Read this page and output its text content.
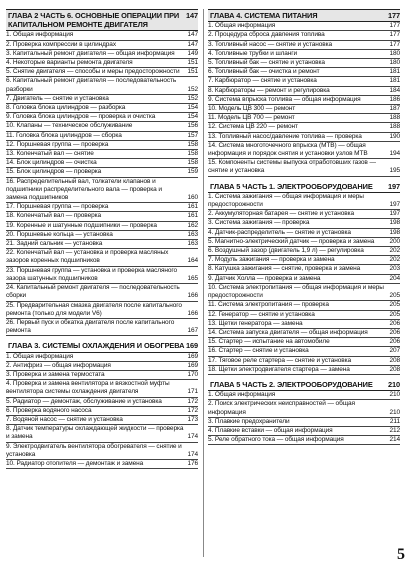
147
ГЛАВА 2 ЧАСТЬ 6. ОСНОВНЫЕ ОПЕРАЦИИ ПРИ КАПИТАЛЬНОМ РЕМОНТЕ ДВИГАТЕЛЯ
1. Общая информация	147
2. Проверка компрессии в цилиндрах	147
3. Капитальный ремонт двигателя — общая информация 149
4. Некоторые варианты ремонта двигателя	151
5. Снятие двигателя — способы и меры предосторожности 151
6. Капитальный ремонт двигателя — последовательность разборки	152
7. Двигатель — снятие и установка	152
8. Головка блока цилиндров — разборка	154
9. Головка блока цилиндров — проверка и очистка	154
10. Клапаны — техническое обслуживание	156
11. Головка блока цилиндров — сборка	157
12. Поршневая группа — проверка	158
13. Коленчатый вал — снятие	158
14. Блок цилиндров — очистка	158
15. Блок цилиндров — проверка	159
16. Распределительный вал, толкатели клапанов и подшипники распределительного вала — проверка и замена подшипников	160
17. Поршневая группа — проверка	161
18. Коленчатый вал — проверка	161
19. Коренные и шатунные подшипники — проверка	162
20. Поршневые кольца — установка	163
21. Задний сальник — установка	163
22. Коленчатый вал — установка и проверка масляных зазоров коренных подшипников	164
23. Поршневая группа — установка и проверка масляного зазора шатунных подшипников	165
24. Капитальный ремонт двигателя — последовательность сборки	166
25. Предварительная смазка двигателя после капитального ремонта (только для модели V6)	166
26. Первый пуск и обкатка двигателя после капитального ремонта	167
169
ГЛАВА 3. СИСТЕМЫ ОХЛАЖДЕНИЯ И ОБОГРЕВА
1. Общая информация	169
2. Антифриз — общая информация	169
3. Проверка и замена термостата	170
4. Проверка и замена вентилятора и вязкостной муфты вентилятора системы охлаждения двигателя	171
5. Радиатор — демонтаж, обслуживание и установка	172
6. Проверка водяного насоса	172
7. Водяной насос — снятие и установка	173
8. Датчик температуры охлаждающей жидкости — проверка и замена	174
9. Электродвигатель вентилятора обогревателя — снятие и установка	174
10. Радиатор отопителя — демонтаж и замена	176
177
ГЛАВА 4. СИСТЕМА ПИТАНИЯ
1. Общая информация	177
2. Процедура сброса давления топлива	177
3. Топливный насос — снятие и установка	177
4. Топливные трубки и шланги	180
5. Топливный бак — снятие и установка	180
6. Топливный бак — очистка и ремонт	181
7. Карбюратор — снятие и установка	181
8. Карбюраторы — ремонт и регулировка	184
9. Система впрыска топлива — общая информация	186
10. Модель ЦВ 300 — ремонт	187
11. Модель ЦВ 700 — ремонт	188
12. Система ЦВ 220 — ремонт	188
13. Топливный насос/давление топлива — проверка	190
14. Система многоточечного впрыска (МТВ) — общая информация и порядок снятия и установки узлов МТВ	194
15. Компоненты системы выпуска отработовших газов — снятие и установка	195
197
ГЛАВА 5 ЧАСТЬ 1. ЭЛЕКТРООБОРУДОВАНИЕ
1. Система зажигания — общая информация и меры предосторожности	197
2. Аккумуляторная батарея — снятие и установка	197
3. Система зажигания — проверка	198
4. Датчик-распределитель — снятие и установка	198
5. Магнитно-электрический датчик — проверка и замена 200
6. Воздушный зазор (двигатель 1,9 л) — регулировка	202
7. Модуль зажигания — проверка и замена	202
8. Катушка зажигания — снятие, проверка и замена	203
9. Датчик Холла — проверка и замена	204
10. Система электропитания — общая информация и меры предосторожности	205
11. Система электропитания — проверка	205
12. Генератор — снятие и установка	205
13. Щетки генератора — замена	206
14. Система запуска двигателя — общая информация	206
15. Стартер — испытание на автомобиле	206
16. Стартер — снятие и установка	207
17. Тяговое реле стартера — снятие и установка	208
18. Щетки электродвигателя стартера — замена	208
210
ГЛАВА 5 ЧАСТЬ 2. ЭЛЕКТРООБОРУДОВАНИЕ
1. Общая информация	210
2. Поиск электрических неисправностей — общая информация	210
3. Плавкие предохранители	211
4. Плавкие вставки — общая информация	212
5. Реле обратного тока — общая информация	214
5
